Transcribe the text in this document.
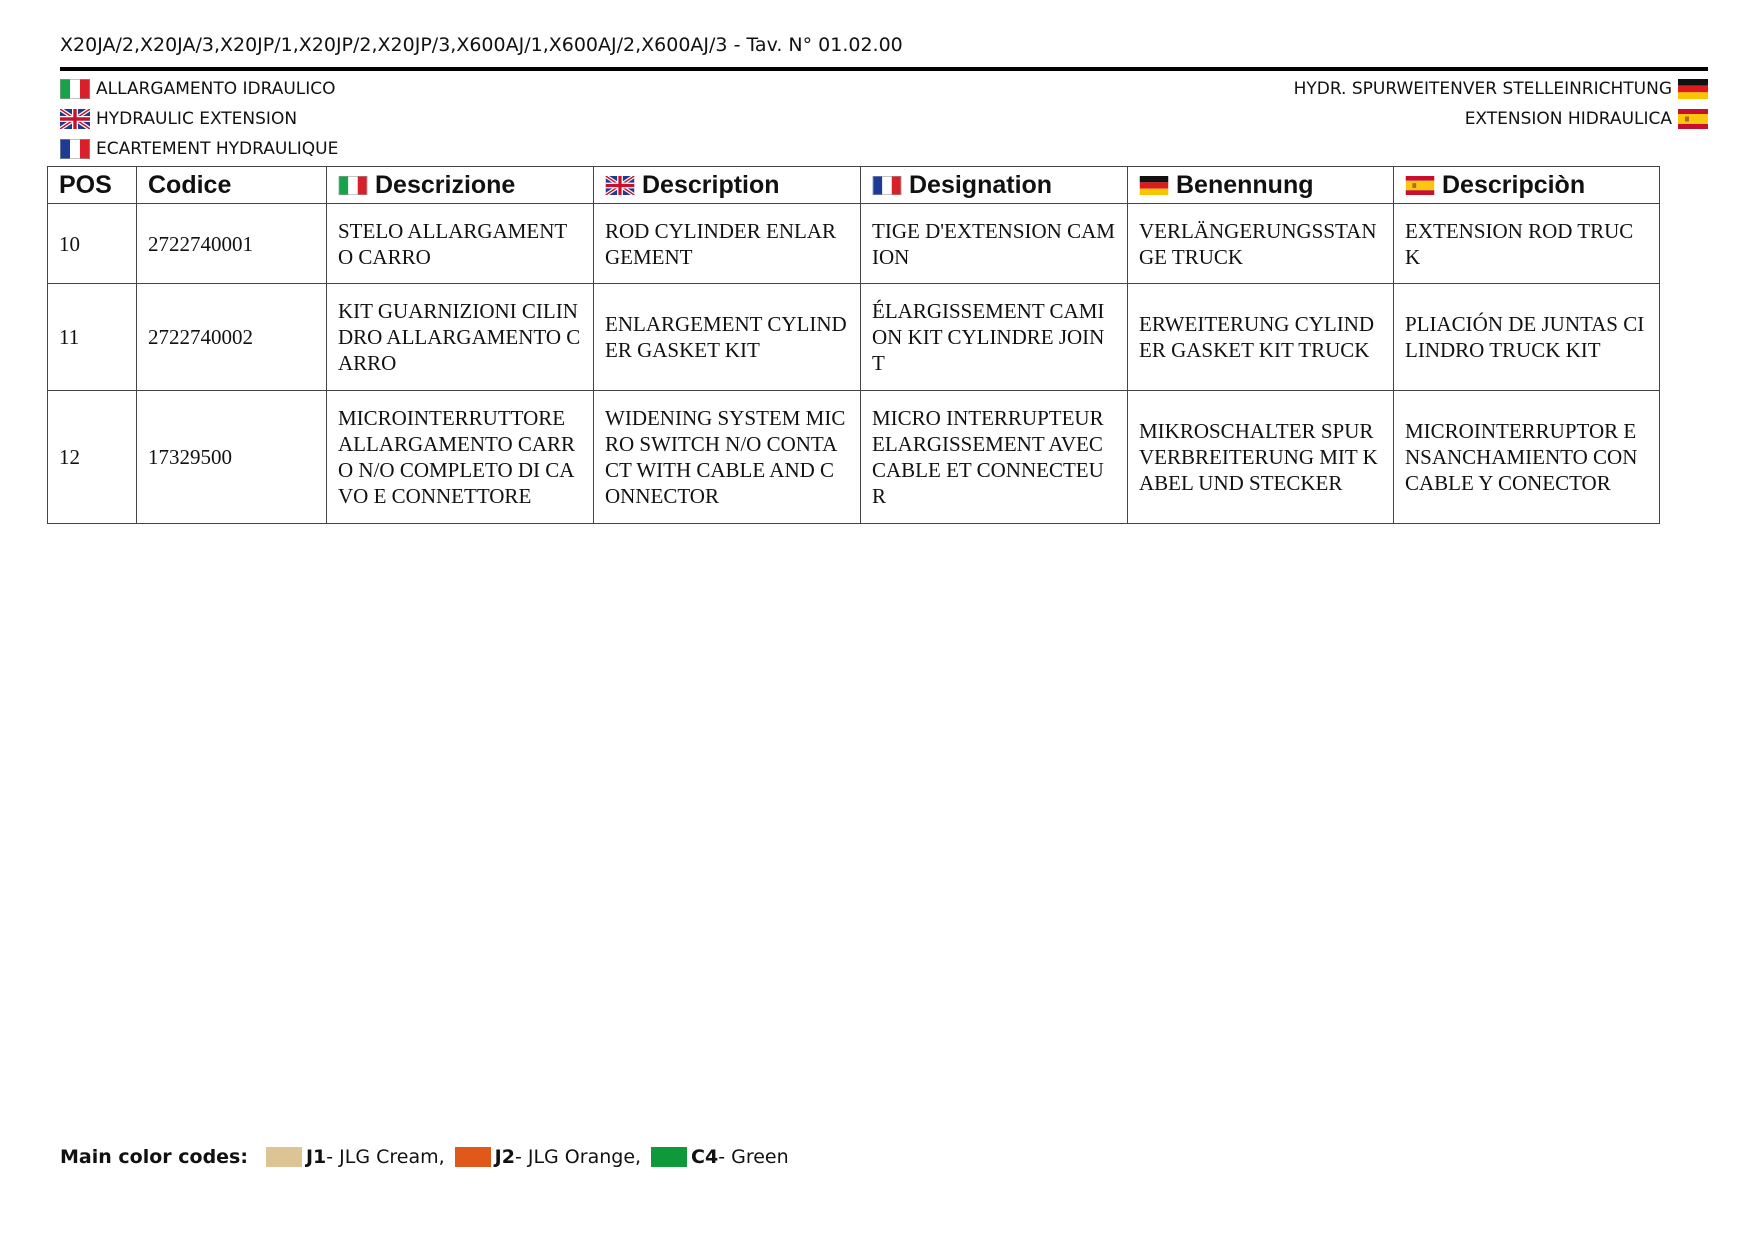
X20JA/2,X20JA/3,X20JP/1,X20JP/2,X20JP/3,X600AJ/1,X600AJ/2,X600AJ/3 - Tav. N° 01.02.00
ALLARGAMENTO IDRAULICO
HYDRAULIC EXTENSION
ECARTEMENT HYDRAULIQUE
HYDR. SPURWEITENVER STELLEINRICHTUNG
EXTENSION HIDRAULICA
POS	Codice	Descrizione	Description	Designation	Benennung	Descripciòn

10	2722740001	STELO ALLARGAMENTO CARRO	ROD CYLINDER ENLARGEMENT	TIGE D'EXTENSION CAMION	VERLÄNGERUNGSSTANGE TRUCK	EXTENSION ROD TRUCK
11	2722740002	KIT GUARNIZIONI CILINDRO ALLARGAMENTO CARRO	ENLARGEMENT CYLINDER GASKET KIT	ÉLARGISSEMENT CAMION KIT CYLINDRE JOINT	ERWEITERUNG CYLINDER GASKET KIT TRUCK	PLIACIÓN DE JUNTAS CILINDRO TRUCK KIT
12	17329500	MICROINTERRUTTORE ALLARGAMENTO CARRO N/O COMPLETO DI CAVO E CONNETTORE	WIDENING SYSTEM MICRO SWITCH N/O CONTACT WITH CABLE AND CONNECTOR	MICRO INTERRUPTEUR ELARGISSEMENT AVEC CABLE ET CONNECTEUR	MIKROSCHALTER SPURVERBREITERUNG MIT KABEL UND STECKER	MICROINTERRUPTOR ENSANCHAMIENTO CON CABLE Y CONECTOR
Main color codes:	J1 - JLG Cream,	J2 - JLG Orange,	C4 - Green
